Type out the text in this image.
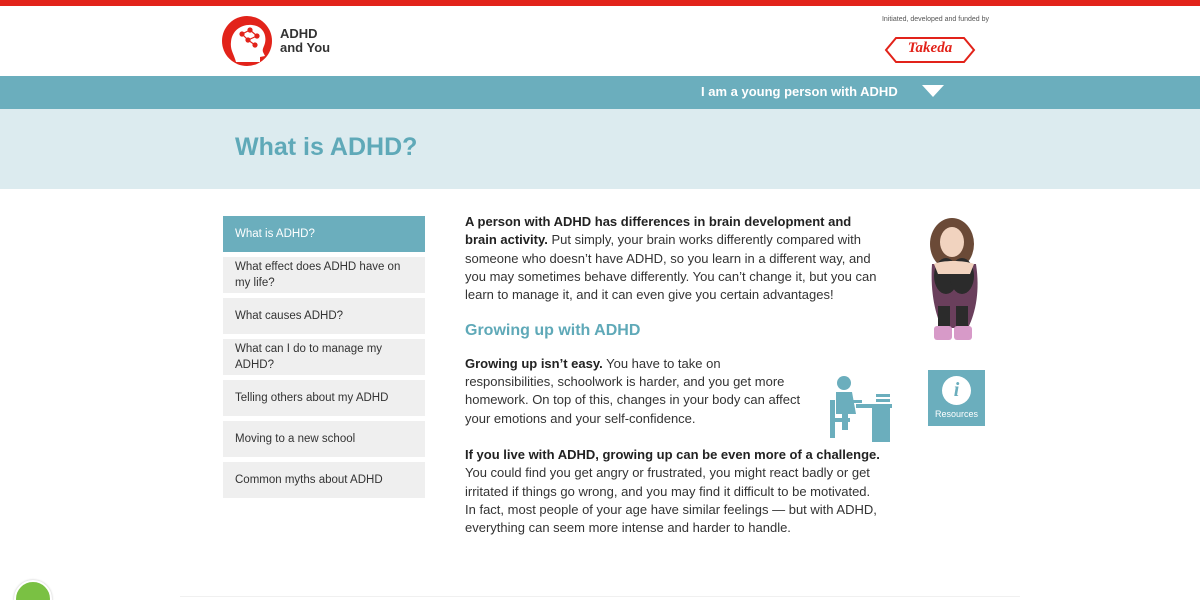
ADHD
and You
Initiated, developed and funded by
Takeda
I am a young person with ADHD
What is ADHD?
What is ADHD?
What effect does ADHD have on my life?
What causes ADHD?
What can I do to manage my ADHD?
Telling others about my ADHD
Moving to a new school
Common myths about ADHD

A person with ADHD has differences in brain development and brain activity. Put simply, your brain works differently compared with someone who doesn’t have ADHD, so you learn in a different way, and you may sometimes behave differently. You can’t change it, but you can learn to manage it, and it can even give you certain advantages!

Growing up with ADHD

Growing up isn’t easy. You have to take on responsibilities, schoolwork is harder, and you get more homework. On top of this, changes in your body can affect your emotions and your self-confidence.

If you live with ADHD, growing up can be even more of a challenge. You could find you get angry or frustrated, you might react badly or get irritated if things go wrong, and you may find it difficult to be motivated. In fact, most people of your age have similar feelings — but with ADHD, everything can seem more intense and harder to handle.

i
Resources
